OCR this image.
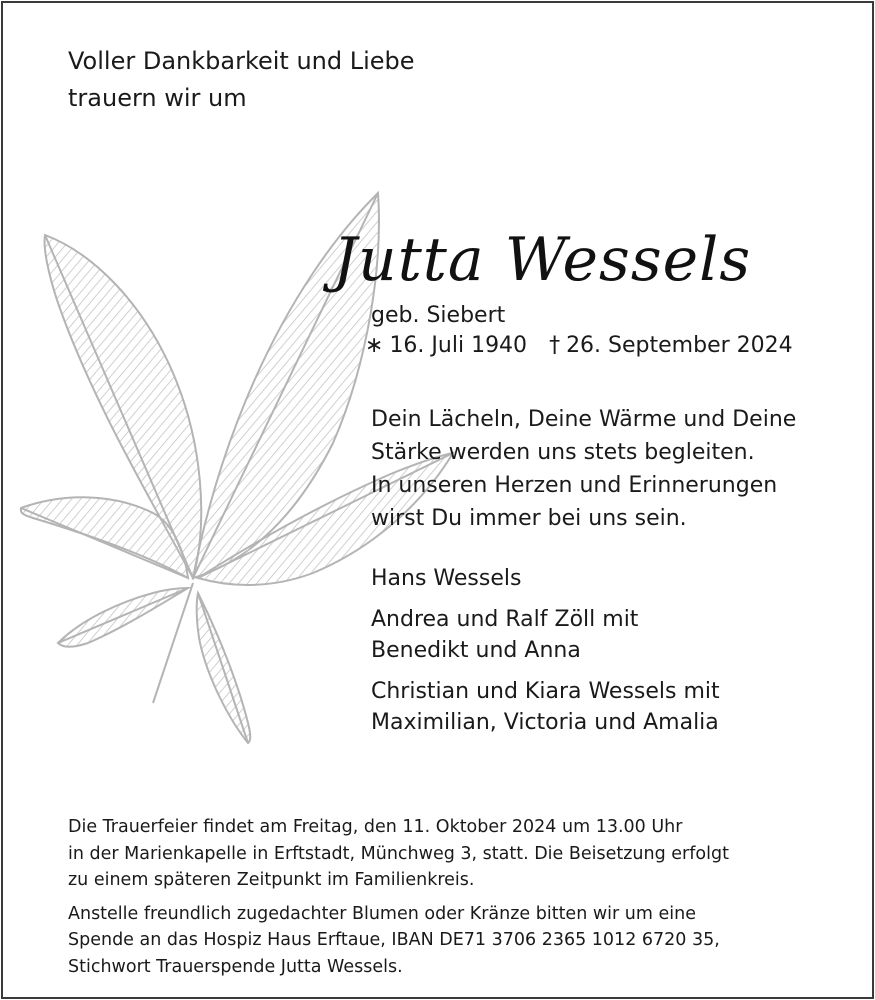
Voller Dankbarkeit und Liebe
trauern wir um
Jutta Wessels
geb. Siebert
∗ 16. Juli 1940 † 26. September 2024
Dein Lächeln, Deine Wärme und Deine
Stärke werden uns stets begleiten.
In unseren Herzen und Erinnerungen
wirst Du immer bei uns sein.
Hans Wessels
Andrea und Ralf Zöll mit
Benedikt und Anna
Christian und Kiara Wessels mit
Maximilian, Victoria und Amalia
Die Trauerfeier findet am Freitag, den 11. Oktober 2024 um 13.00 Uhr
in der Marienkapelle in Erftstadt, Münchweg 3, statt. Die Beisetzung erfolgt
zu einem späteren Zeitpunkt im Familienkreis.
Anstelle freundlich zugedachter Blumen oder Kränze bitten wir um eine
Spende an das Hospiz Haus Erftaue, IBAN DE71 3706 2365 1012 6720 35,
Stichwort Trauerspende Jutta Wessels.
